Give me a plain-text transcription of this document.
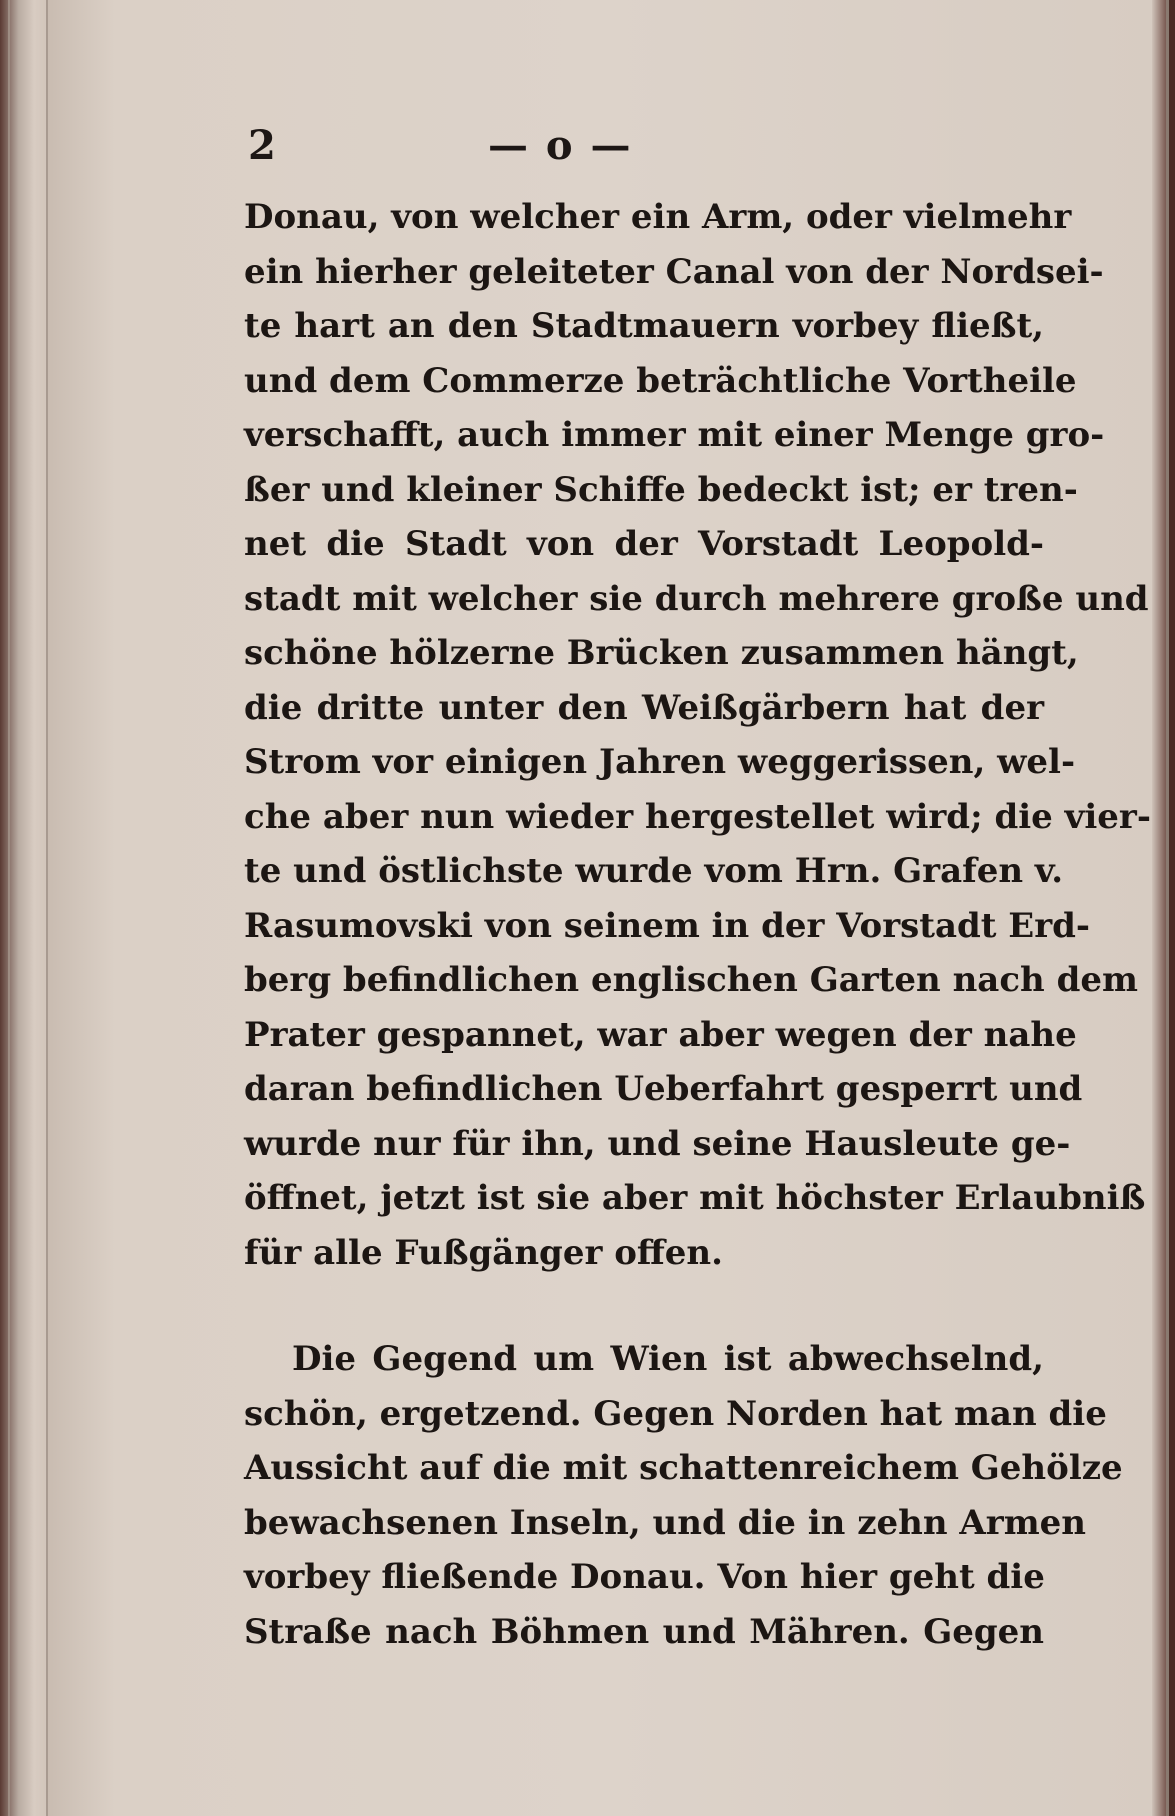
2	— o —
Donau, von welcher ein Arm, oder vielmehr
ein hierher geleiteter Canal von der Nordsei-
te hart an den Stadtmauern vorbey fließt,
und dem Commerze beträchtliche Vortheile
verschafft, auch immer mit einer Menge gro-
ßer und kleiner Schiffe bedeckt ist; er tren-
net die Stadt von der Vorstadt Leopold-
stadt mit welcher sie durch mehrere große und
schöne hölzerne Brücken zusammen hängt,
die dritte unter den Weißgärbern hat der
Strom vor einigen Jahren weggerissen, wel-
che aber nun wieder hergestellet wird; die vier-
te und östlichste wurde vom Hrn. Grafen v.
Rasumovski von seinem in der Vorstadt Erd-
berg befindlichen englischen Garten nach dem
Prater gespannet, war aber wegen der nahe
daran befindlichen Ueberfahrt gesperrt und
wurde nur für ihn, und seine Hausleute ge-
öffnet, jetzt ist sie aber mit höchster Erlaubniß
für alle Fußgänger offen.
Die Gegend um Wien ist abwechselnd,
schön, ergetzend. Gegen Norden hat man die
Aussicht auf die mit schattenreichem Gehölze
bewachsenen Inseln, und die in zehn Armen
vorbey fließende Donau. Von hier geht die
Straße nach Böhmen und Mähren. Gegen
